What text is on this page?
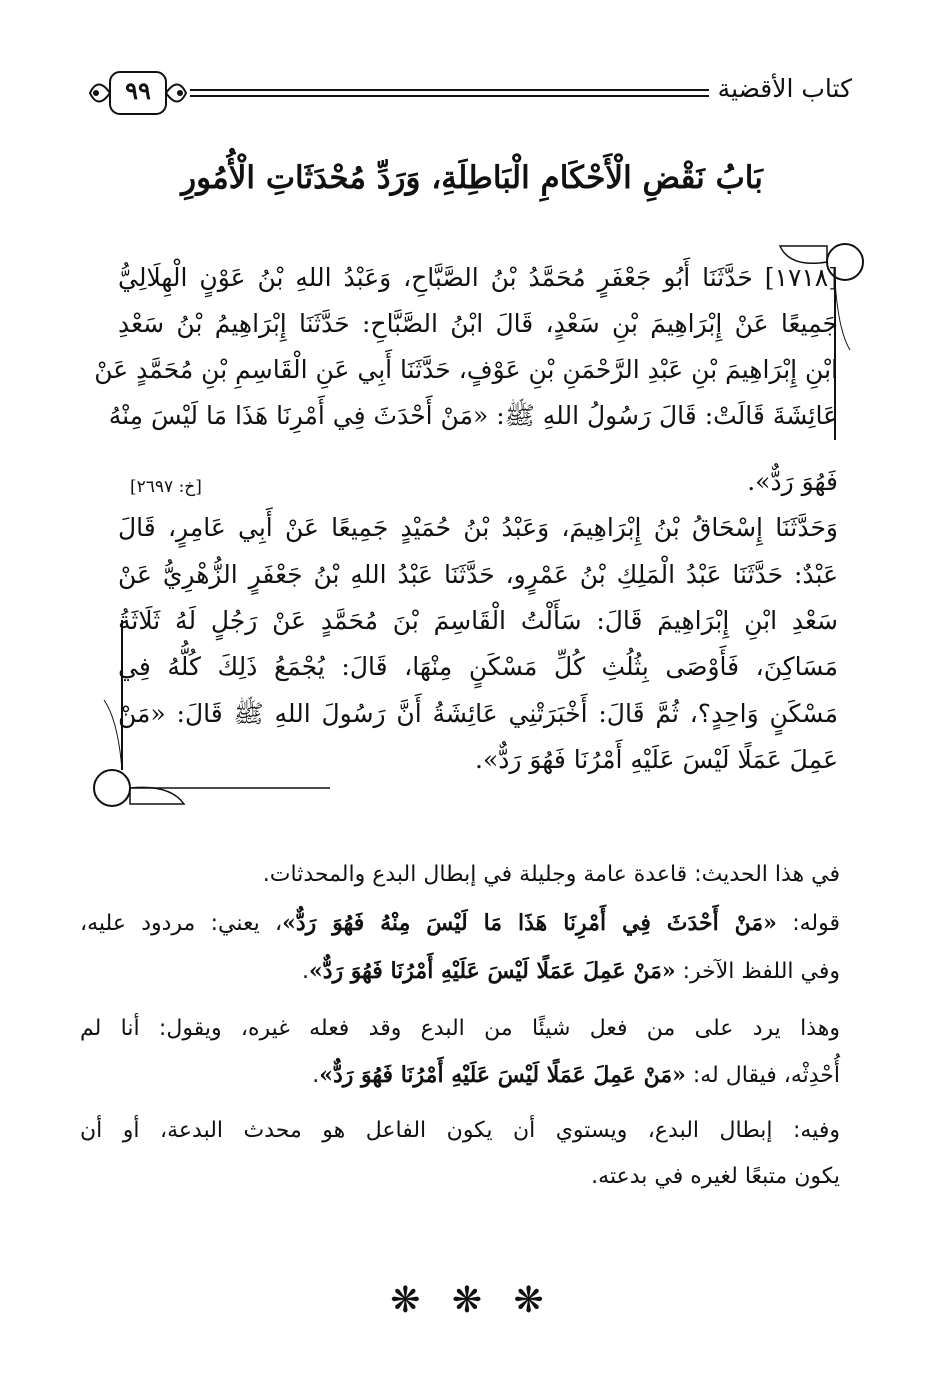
كتاب الأقضية
٩٩
بَابُ نَقْضِ الْأَحْكَامِ الْبَاطِلَةِ، وَرَدِّ مُحْدَثَاتِ الْأُمُورِ
[١٧١٨] حَدَّثَنَا أَبُو جَعْفَرٍ مُحَمَّدُ بْنُ الصَّبَّاحِ، وَعَبْدُ اللهِ بْنُ عَوْنٍ الْهِلَالِيُّ
جَمِيعًا عَنْ إِبْرَاهِيمَ بْنِ سَعْدٍ، قَالَ ابْنُ الصَّبَّاحِ: حَدَّثَنَا إِبْرَاهِيمُ بْنُ سَعْدِ
ابْنِ إِبْرَاهِيمَ بْنِ عَبْدِ الرَّحْمَنِ بْنِ عَوْفٍ، حَدَّثَنَا أَبِي عَنِ الْقَاسِمِ بْنِ مُحَمَّدٍ عَنْ
عَائِشَةَ قَالَتْ: قَالَ رَسُولُ اللهِ ﷺ: «مَنْ أَحْدَثَ فِي أَمْرِنَا هَذَا مَا لَيْسَ مِنْهُ
فَهُوَ رَدٌّ».
[خ: ٢٦٩٧]
وَحَدَّثَنَا إِسْحَاقُ بْنُ إِبْرَاهِيمَ، وَعَبْدُ بْنُ حُمَيْدٍ جَمِيعًا عَنْ أَبِي عَامِرٍ، قَالَ
عَبْدٌ: حَدَّثَنَا عَبْدُ الْمَلِكِ بْنُ عَمْرٍو، حَدَّثَنَا عَبْدُ اللهِ بْنُ جَعْفَرٍ الزُّهْرِيُّ عَنْ
سَعْدِ ابْنِ إِبْرَاهِيمَ قَالَ: سَأَلْتُ الْقَاسِمَ بْنَ مُحَمَّدٍ عَنْ رَجُلٍ لَهُ ثَلَاثَةُ
مَسَاكِنَ، فَأَوْصَى بِثُلُثِ كُلِّ مَسْكَنٍ مِنْهَا، قَالَ: يُجْمَعُ ذَلِكَ كُلُّهُ فِي
مَسْكَنٍ وَاحِدٍ؟، ثُمَّ قَالَ: أَخْبَرَتْنِي عَائِشَةُ أَنَّ رَسُولَ اللهِ ﷺ قَالَ: «مَنْ
عَمِلَ عَمَلًا لَيْسَ عَلَيْهِ أَمْرُنَا فَهُوَ رَدٌّ».
في هذا الحديث: قاعدة عامة وجليلة في إبطال البدع والمحدثات.
قوله: «مَنْ أَحْدَثَ فِي أَمْرِنَا هَذَا مَا لَيْسَ مِنْهُ فَهُوَ رَدٌّ»، يعني: مردود عليه،
وفي اللفظ الآخر: «مَنْ عَمِلَ عَمَلًا لَيْسَ عَلَيْهِ أَمْرُنَا فَهُوَ رَدٌّ».
وهذا يرد على من فعل شيئًا من البدع وقد فعله غيره، ويقول: أنا لم
أُحْدِثْه، فيقال له: «مَنْ عَمِلَ عَمَلًا لَيْسَ عَلَيْهِ أَمْرُنَا فَهُوَ رَدٌّ».
وفيه: إبطال البدع، ويستوي أن يكون الفاعل هو محدث البدعة، أو أن
يكون متبعًا لغيره في بدعته.
❋ ❋ ❋
